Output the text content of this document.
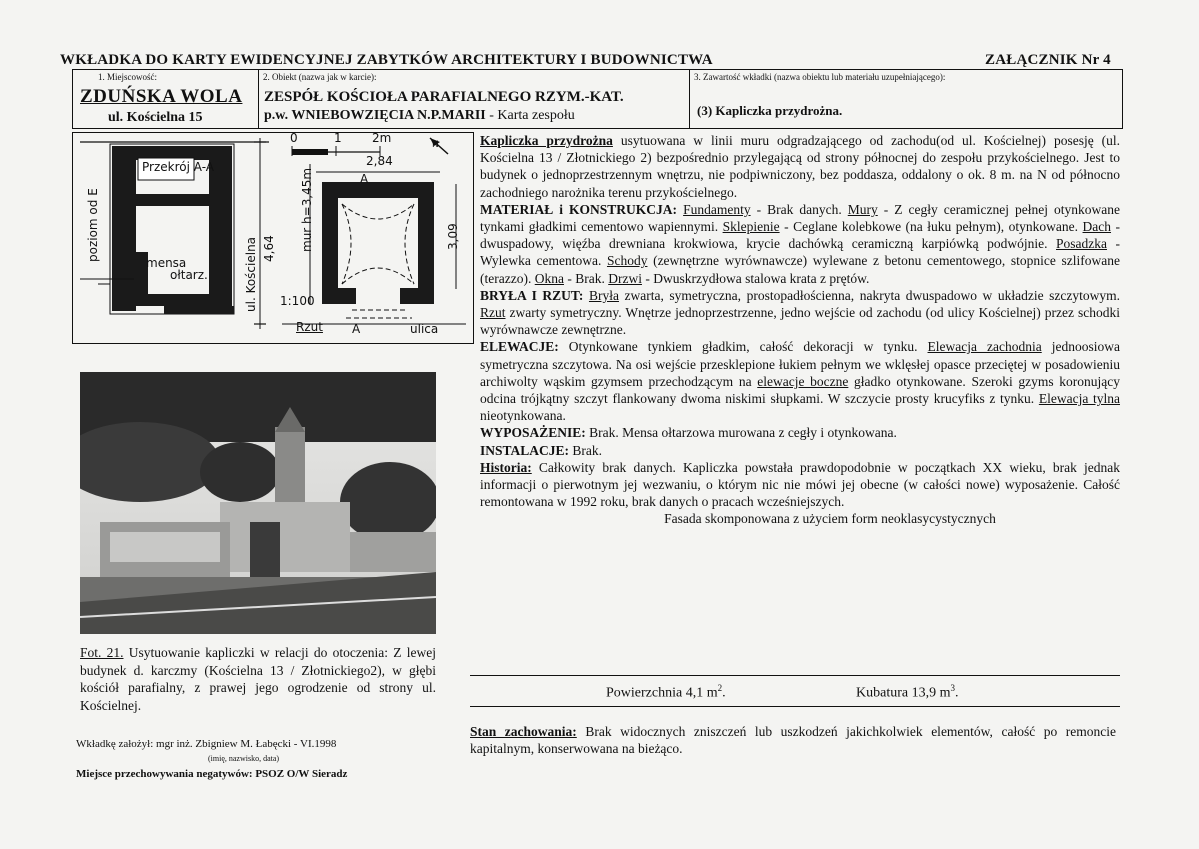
WKŁADKA DO KARTY EWIDENCYJNEJ ZABYTKÓW ARCHITEKTURY I BUDOWNICTWA	ZAŁĄCZNIK Nr 4
1. Miejscowość:
ZDUŃSKA WOLA
ul. Kościelna 15
2. Obiekt (nazwa jak w karcie):
ZESPÓŁ KOŚCIOŁA PARAFIALNEGO RZYM.-KAT.
p.w. WNIEBOWZIĘCIA N.P.MARII - Karta zespołu
3. Zawartość wkładki (nazwa obiektu lub materiału uzupełniającego):
(3) Kapliczka przydrożna.
Przekrój A-A
poziom od E
mensa
ołtarz.	ul. Kościelna 4,64
0	1	2m	N
2,84
A
mur h=3,45m	3,09
1:100
Rzut A	ulica
Fot. 21. Usytuowanie kapliczki w relacji do otoczenia: Z lewej budynek d. karczmy (Kościelna 13 / Złotnickiego2), w głębi kościół parafialny, z prawej jego ogrodzenie od strony ul. Kościelnej.
Wkładkę założył: mgr inż. Zbigniew M. Łabęcki - VI.1998
(imię, nazwisko, data)
Miejsce przechowywania negatywów: PSOZ O/W Sieradz

Kapliczka przydrożna usytuowana w linii muru odgradzającego od zachodu(od ul. Kościelnej) posesję (ul. Kościelna 13 / Złotnickiego 2) bezpośrednio przylegającą od strony północnej do zespołu przykościelnego. Jest to budynek o jednoprzestrzennym wnętrzu, nie podpiwniczony, bez poddasza, oddalony o ok. 8 m. na N od północno zachodniego narożnika terenu przykościelnego.

MATERIAŁ i KONSTRUKCJA: Fundamenty - Brak danych. Mury - Z cegły ceramicznej pełnej otynkowane tynkami gładkimi cementowo wapiennymi. Sklepienie - Ceglane kolebkowe (na łuku pełnym), otynkowane. Dach - dwuspadowy, więźba drewniana krokwiowa, krycie dachówką ceramiczną karpiówką podwójnie. Posadzka - Wylewka cementowa. Schody (zewnętrzne wyrównawcze) wylewane z betonu cementowego, stopnice szlifowane (terazzo). Okna - Brak. Drzwi - Dwuskrzydłowa stalowa krata z prętów.

BRYŁA I RZUT: Bryła zwarta, symetryczna, prostopadłościenna, nakryta dwuspadowo w układzie szczytowym. Rzut zwarty symetryczny. Wnętrze jednoprzestrzenne, jedno wejście od zachodu (od ulicy Kościelnej) przez schodki wyrównawcze zewnętrzne.

ELEWACJE: Otynkowane tynkiem gładkim, całość dekoracji w tynku. Elewacja zachodnia jednoosiowa symetryczna szczytowa. Na osi wejście przesklepione łukiem pełnym we wklęsłej opasce przeciętej w posadowieniu archiwolty wąskim gzymsem przechodzącym na elewacje boczne gładko otynkowane. Szeroki gzyms koronujący odcina trójkątny szczyt flankowany dwoma niskimi słupkami. W szczycie prosty krucyfiks z tynku. Elewacja tylna nieotynkowana.

WYPOSAŻENIE: Brak. Mensa ołtarzowa murowana z cegły i otynkowana.

INSTALACJE: Brak.

Historia: Całkowity brak danych. Kapliczka powstała prawdopodobnie w początkach XX wieku, brak jednak informacji o pierwotnym jej wezwaniu, o którym nic nie mówi jej obecne (w całości nowe) wyposażenie. Całość remontowana w 1992 roku, brak danych o pracach wcześniejszych.

Fasada skomponowana z użyciem form neoklasycystycznych

Powierzchnia 4,1 $m^2$.	Kubatura 13,9 $m^3$.
Stan zachowania: Brak widocznych zniszczeń lub uszkodzeń jakichkolwiek elementów, całość po remoncie kapitalnym, konserwowana na bieżąco.
